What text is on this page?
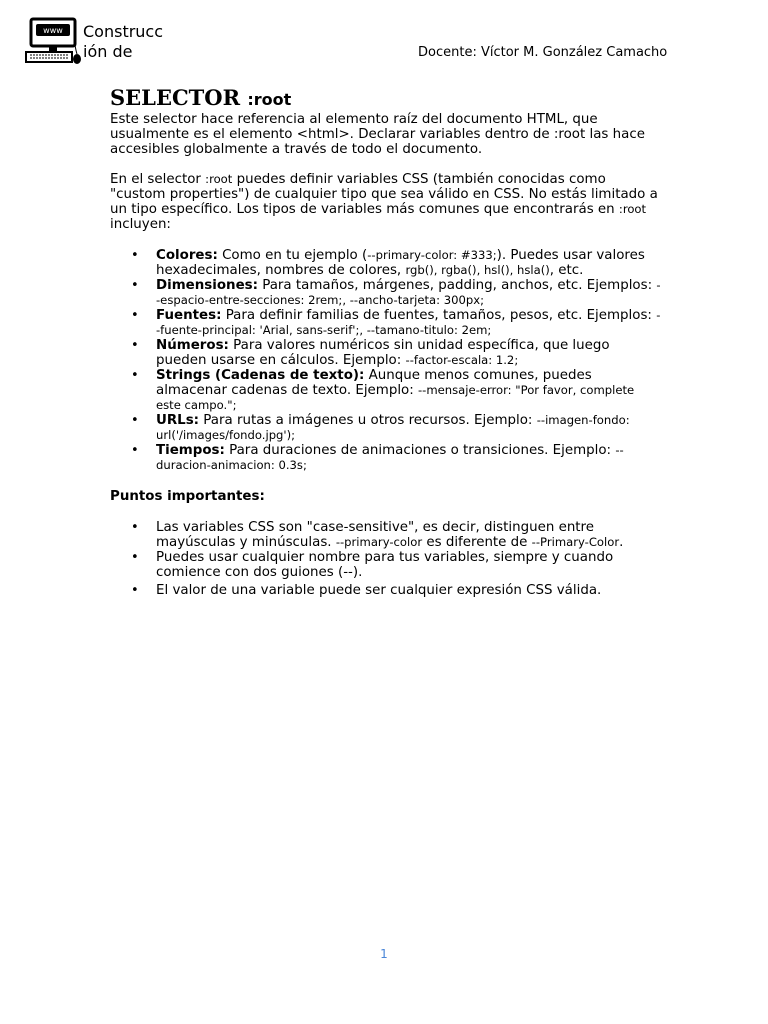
www Construcc
ión de	Docente: Víctor M. González Camacho
SELECTOR :root

Este selector hace referencia al elemento raíz del documento HTML, que usualmente es el elemento <html>. Declarar variables dentro de :root las hace accesibles globalmente a través de todo el documento.

En el selector :root puedes definir variables CSS (también conocidas como "custom properties") de cualquier tipo que sea válido en CSS. No estás limitado a un tipo específico. Los tipos de variables más comunes que encontrarás en :root incluyen:

• Colores: Como en tu ejemplo (--primary-color: #333;). Puedes usar valores hexadecimales, nombres de colores, rgb(), rgba(), hsl(), hsla(), etc.
• Dimensiones: Para tamaños, márgenes, padding, anchos, etc. Ejemplos: --espacio-entre-secciones: 2rem;, --ancho-tarjeta: 300px;
• Fuentes: Para definir familias de fuentes, tamaños, pesos, etc. Ejemplos: --fuente-principal: 'Arial, sans-serif';, --tamano-titulo: 2em;
• Números: Para valores numéricos sin unidad específica, que luego pueden usarse en cálculos. Ejemplo: --factor-escala: 1.2;
• Strings (Cadenas de texto): Aunque menos comunes, puedes almacenar cadenas de texto. Ejemplo: --mensaje-error: "Por favor, complete este campo.";
• URLs: Para rutas a imágenes u otros recursos. Ejemplo: --imagen-fondo: url('/images/fondo.jpg');
• Tiempos: Para duraciones de animaciones o transiciones. Ejemplo: --duracion-animacion: 0.3s;
Puntos importantes:
• Las variables CSS son "case-sensitive", es decir, distinguen entre mayúsculas y minúsculas. --primary-color es diferente de --Primary-Color.
• Puedes usar cualquier nombre para tus variables, siempre y cuando comience con dos guiones (--).
• El valor de una variable puede ser cualquier expresión CSS válida.
1
